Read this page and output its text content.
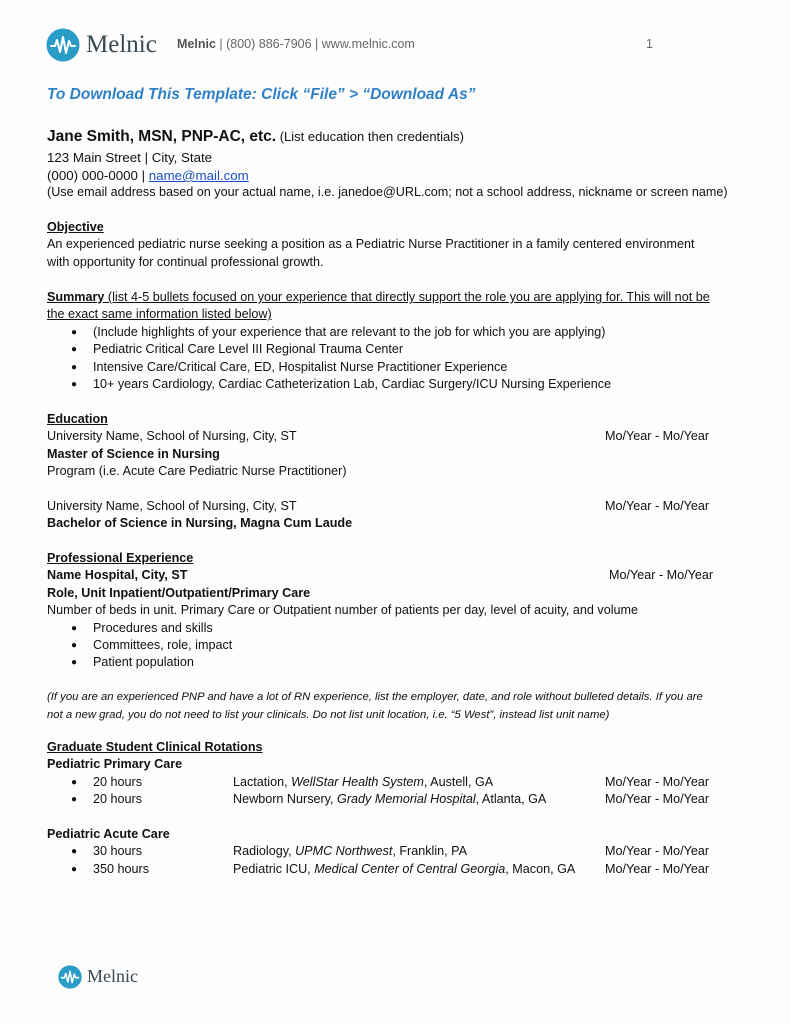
Melnic Melnic | (800) 886-7906 | www.melnic.com	1
To Download This Template: Click “File” > “Download As”
Jane Smith, MSN, PNP-AC, etc. (List education then credentials)
123 Main Street | City, State
(000) 000-0000 | name@mail.com
(Use email address based on your actual name, i.e. janedoe@URL.com; not a school address, nickname or screen name)
Objective
An experienced pediatric nurse seeking a position as a Pediatric Nurse Practitioner in a family centered environment
with opportunity for continual professional growth.
Summary (list 4-5 bullets focused on your experience that directly support the role you are applying for. This will not be
the exact same information listed below)
● (Include highlights of your experience that are relevant to the job for which you are applying)
● Pediatric Critical Care Level III Regional Trauma Center
● Intensive Care/Critical Care, ED, Hospitalist Nurse Practitioner Experience
● 10+ years Cardiology, Cardiac Catheterization Lab, Cardiac Surgery/ICU Nursing Experience
Education
University Name, School of Nursing, City, ST	Mo/Year - Mo/Year
Master of Science in Nursing
Program (i.e. Acute Care Pediatric Nurse Practitioner)
University Name, School of Nursing, City, ST	Mo/Year - Mo/Year
Bachelor of Science in Nursing, Magna Cum Laude
Professional Experience
Name Hospital, City, ST	Mo/Year - Mo/Year
Role, Unit Inpatient/Outpatient/Primary Care
Number of beds in unit. Primary Care or Outpatient number of patients per day, level of acuity, and volume
● Procedures and skills
● Committees, role, impact
● Patient population
(If you are an experienced PNP and have a lot of RN experience, list the employer, date, and role without bulleted details. If you are
not a new grad, you do not need to list your clinicals. Do not list unit location, i.e. “5 West”, instead list unit name)
Graduate Student Clinical Rotations
Pediatric Primary Care
● 20 hours	Lactation, WellStar Health System, Austell, GA	Mo/Year - Mo/Year
● 20 hours	Newborn Nursery, Grady Memorial Hospital, Atlanta, GA	Mo/Year - Mo/Year
Pediatric Acute Care
● 30 hours	Radiology, UPMC Northwest, Franklin, PA	Mo/Year - Mo/Year
● 350 hours	Pediatric ICU, Medical Center of Central Georgia, Macon, GA Mo/Year - Mo/Year
Melnic
